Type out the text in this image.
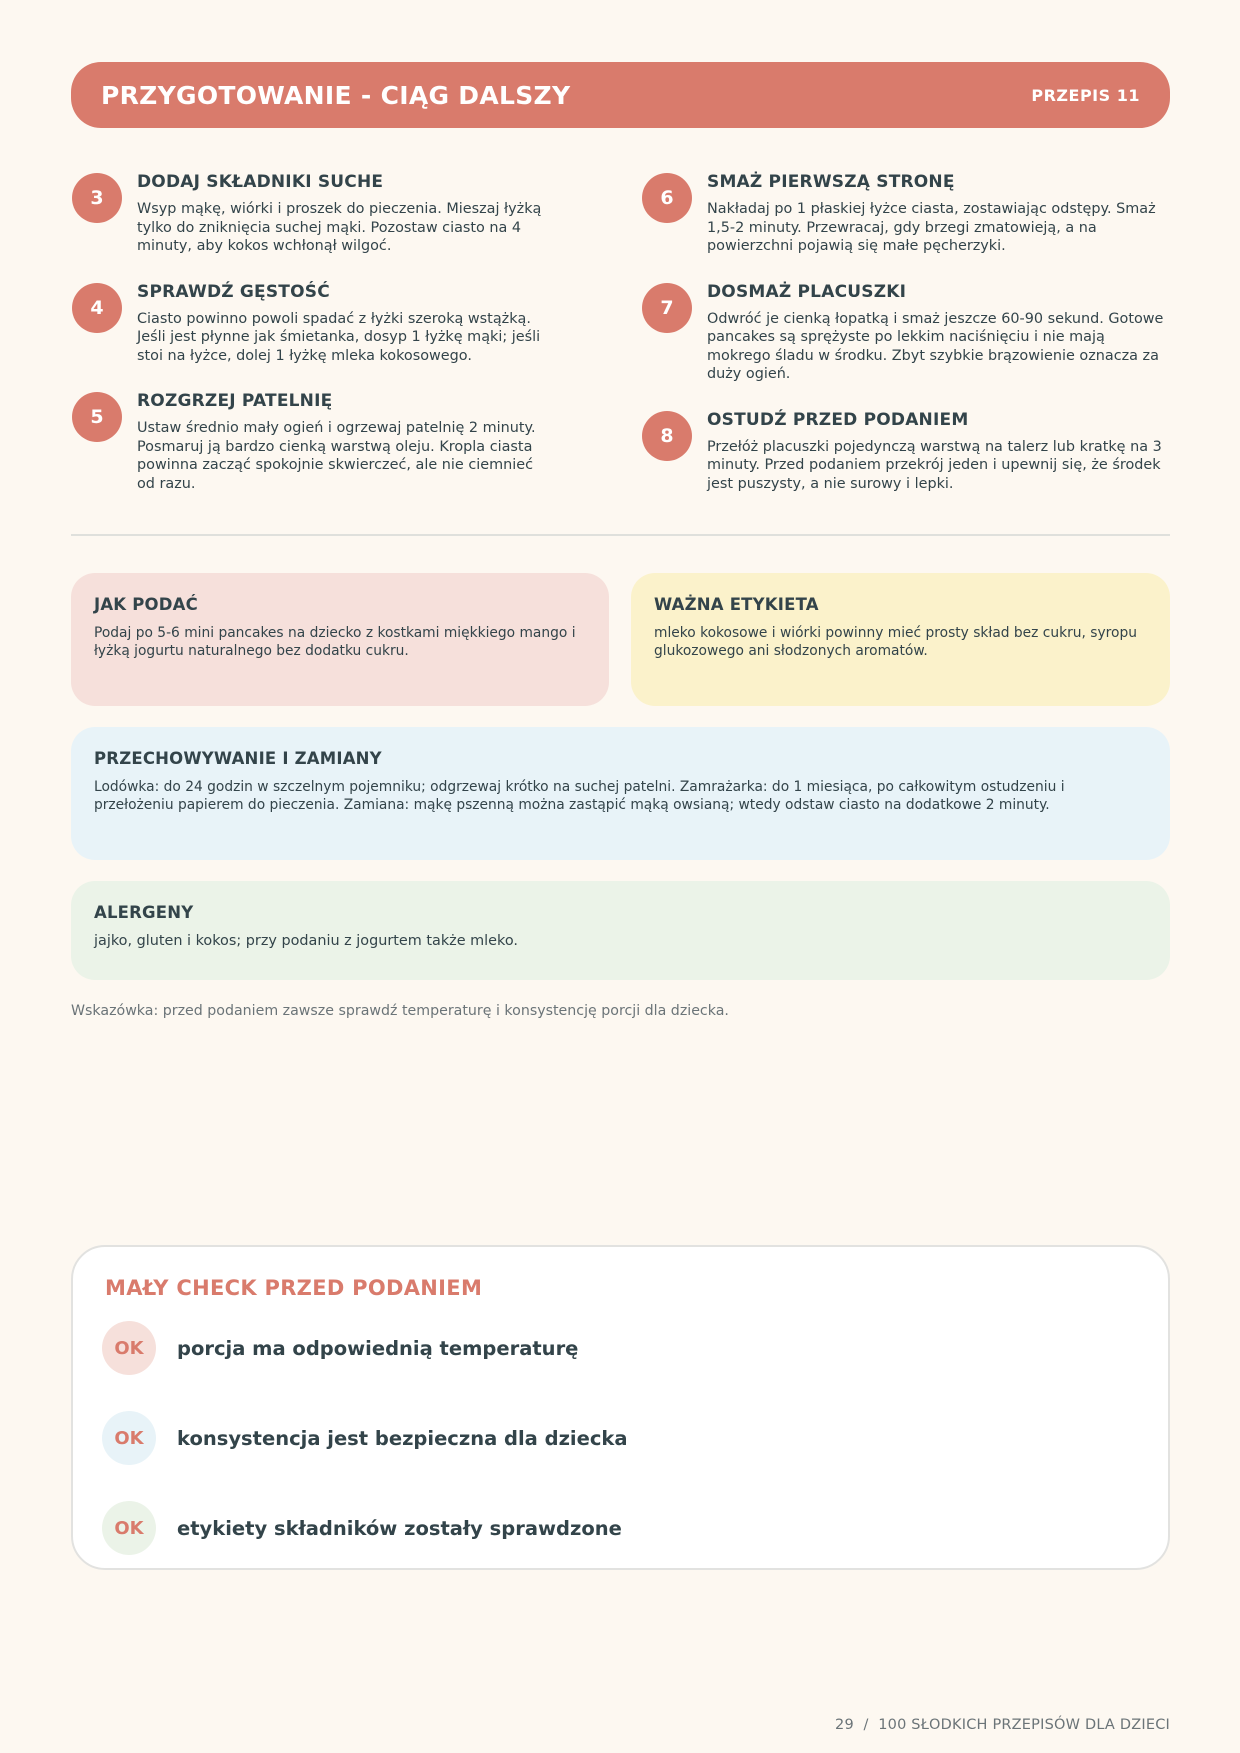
PRZYGOTOWANIE - CIĄG DALSZY	PRZEPIS 11
3
DODAJ SKŁADNIKI SUCHE
Wsyp mąkę, wiórki i proszek do pieczenia. Mieszaj łyżką tylko do zniknięcia suchej mąki. Pozostaw ciasto na 4 minuty, aby kokos wchłonął wilgoć.
4
SPRAWDŹ GĘSTOŚĆ
Ciasto powinno powoli spadać z łyżki szeroką wstążką. Jeśli jest płynne jak śmietanka, dosyp 1 łyżkę mąki; jeśli stoi na łyżce, dolej 1 łyżkę mleka kokosowego.
5
ROZGRZEJ PATELNIĘ
Ustaw średnio mały ogień i ogrzewaj patelnię 2 minuty. Posmaruj ją bardzo cienką warstwą oleju. Kropla ciasta powinna zacząć spokojnie skwierczeć, ale nie ciemnieć od razu.
6
SMAŻ PIERWSZĄ STRONĘ
Nakładaj po 1 płaskiej łyżce ciasta, zostawiając odstępy. Smaż 1,5-2 minuty. Przewracaj, gdy brzegi zmatowieją, a na powierzchni pojawią się małe pęcherzyki.
7
DOSMAŻ PLACUSZKI
Odwróć je cienką łopatką i smaż jeszcze 60-90 sekund. Gotowe pancakes są sprężyste po lekkim naciśnięciu i nie mają mokrego śladu w środku. Zbyt szybkie brązowienie oznacza za duży ogień.
8
OSTUDŹ PRZED PODANIEM
Przełóż placuszki pojedynczą warstwą na talerz lub kratkę na 3 minuty. Przed podaniem przekrój jeden i upewnij się, że środek jest puszysty, a nie surowy i lepki.
JAK PODAĆ
Podaj po 5-6 mini pancakes na dziecko z kostkami miękkiego mango i łyżką jogurtu naturalnego bez dodatku cukru.
WAŻNA ETYKIETA
mleko kokosowe i wiórki powinny mieć prosty skład bez cukru, syropu glukozowego ani słodzonych aromatów.
PRZECHOWYWANIE I ZAMIANY
Lodówka: do 24 godzin w szczelnym pojemniku; odgrzewaj krótko na suchej patelni. Zamrażarka: do 1 miesiąca, po całkowitym ostudzeniu i przełożeniu papierem do pieczenia. Zamiana: mąkę pszenną można zastąpić mąką owsianą; wtedy odstaw ciasto na dodatkowe 2 minuty.
ALERGENY
jajko, gluten i kokos; przy podaniu z jogurtem także mleko.
Wskazówka: przed podaniem zawsze sprawdź temperaturę i konsystencję porcji dla dziecka.
MAŁY CHECK PRZED PODANIEM
OK	porcja ma odpowiednią temperaturę
OK	konsystencja jest bezpieczna dla dziecka
OK	etykiety składników zostały sprawdzone
29  /  100 SŁODKICH PRZEPISÓW DLA DZIECI
